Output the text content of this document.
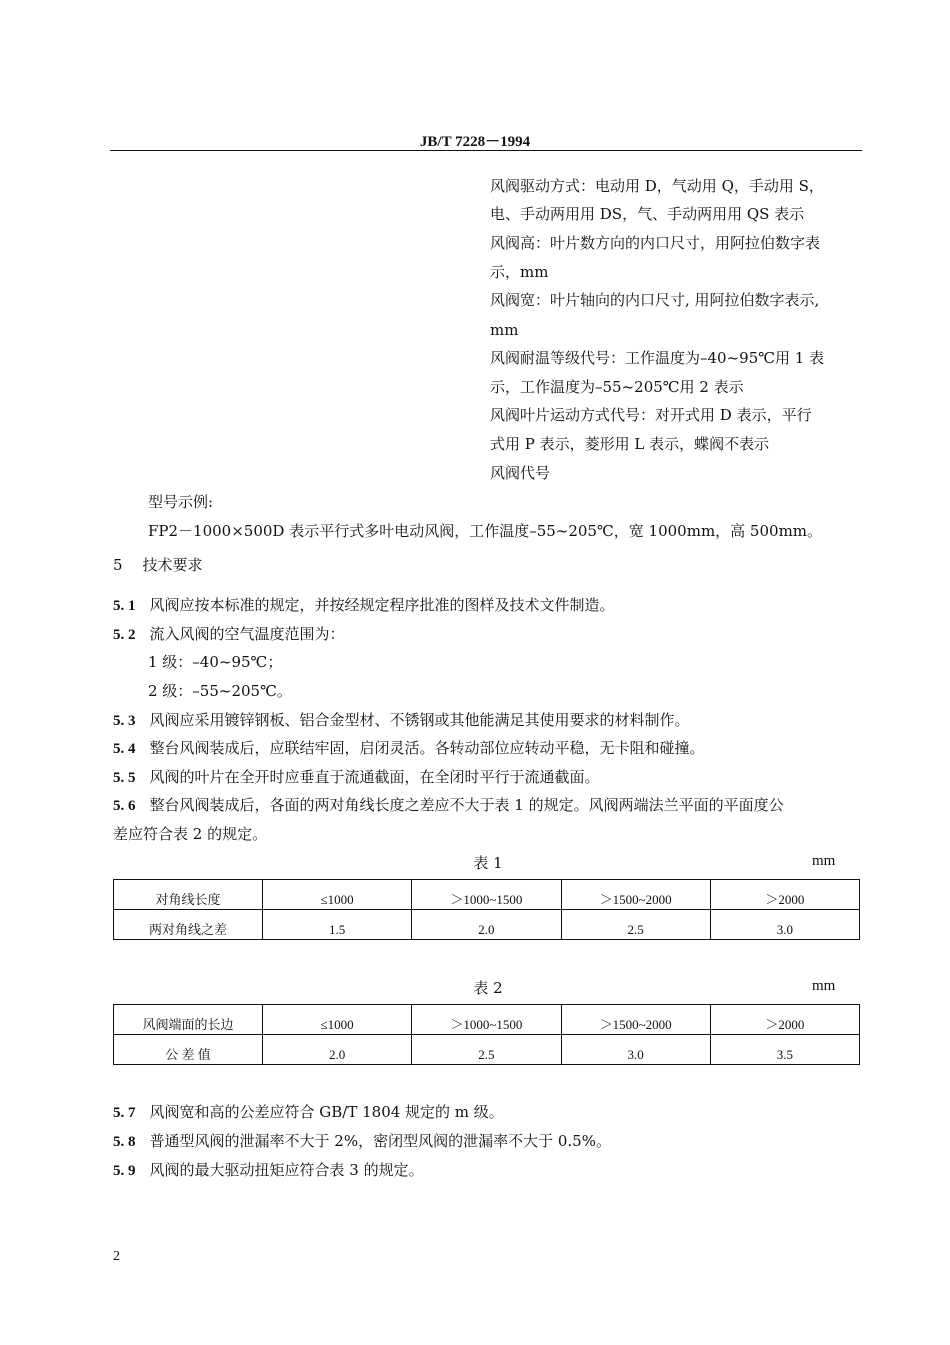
JB/T 7228－1994
风阀驱动方式：电动用 D，气动用 Q，手动用 S，
电、手动两用用 DS，气、手动两用用 QS 表示
风阀高：叶片数方向的内口尺寸，用阿拉伯数字表
示，mm
风阀宽：叶片轴向的内口尺寸, 用阿拉伯数字表示,
mm
风阀耐温等级代号：工作温度为–40~95℃用 1 表
示，工作温度为–55~205℃用 2 表示
风阀叶片运动方式代号：对开式用 D 表示，平行
式用 P 表示，菱形用 L 表示，蝶阀不表示
风阀代号
型号示例:
FP2－1000×500D 表示平行式多叶电动风阀，工作温度–55~205℃，宽 1000mm，高 500mm。
5 技术要求
5. 1 风阀应按本标准的规定，并按经规定程序批准的图样及技术文件制造。
5. 2 流入风阀的空气温度范围为：
1 级：–40~95℃；
2 级：–55~205℃。
5. 3 风阀应采用镀锌钢板、铝合金型材、不锈钢或其他能满足其使用要求的材料制作。
5. 4 整台风阀装成后，应联结牢固，启闭灵活。各转动部位应转动平稳，无卡阻和碰撞。
5. 5 风阀的叶片在全开时应垂直于流通截面，在全闭时平行于流通截面。
5. 6 整台风阀装成后，各面的两对角线长度之差应不大于表 1 的规定。风阀两端法兰平面的平面度公
差应符合表 2 的规定。
表 1	mm
对角线长度	≤1000	＞1000~1500	＞1500~2000	＞2000
两对角线之差	1.5	2.0	2.5	3.0
表 2	mm
风阀端面的长边	≤1000	＞1000~1500	＞1500~2000	＞2000
公 差 值	2.0	2.5	3.0	3.5
5. 7 风阀宽和高的公差应符合 GB/T 1804 规定的 m 级。
5. 8 普通型风阀的泄漏率不大于 2%，密闭型风阀的泄漏率不大于 0.5%。
5. 9 风阀的最大驱动扭矩应符合表 3 的规定。
2
